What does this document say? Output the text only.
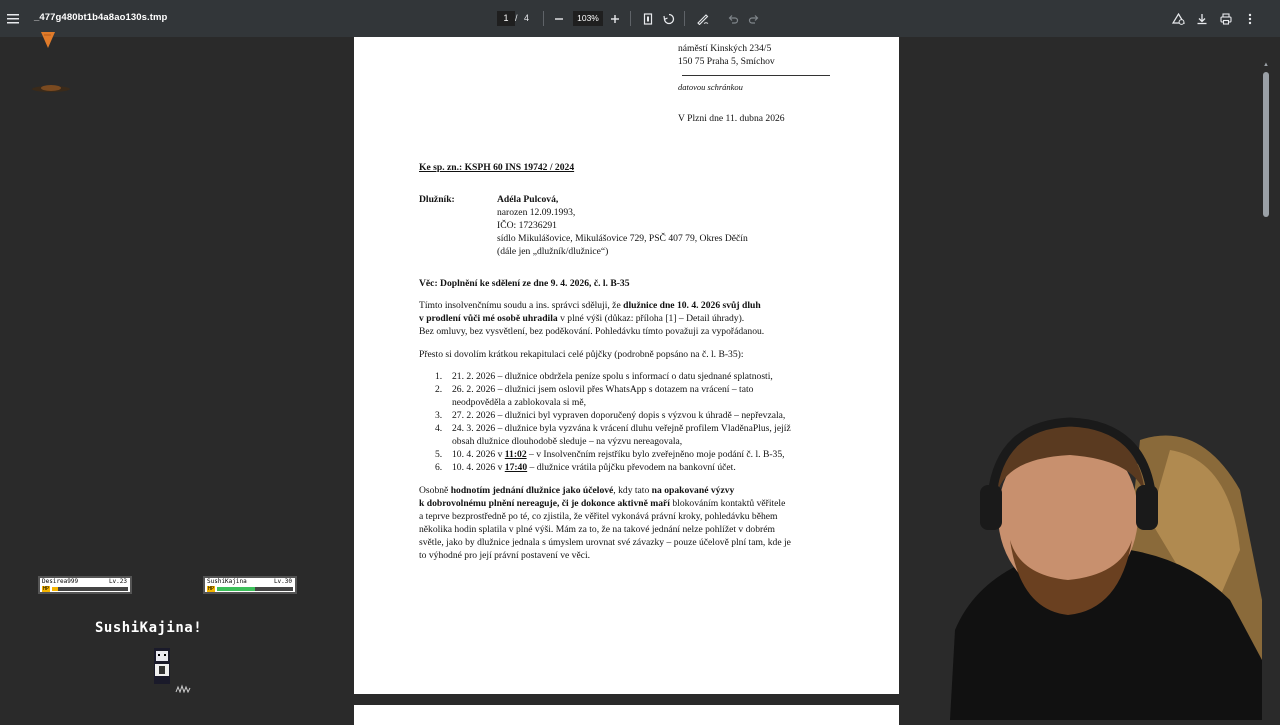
_477g480bt1b4a8ao130s.tmp	1 / 4	103%
▲
náměstí Kinských 234/5
150 75 Praha 5, Smíchov
datovou schránkou
V Plzni dne 11. dubna 2026
Ke sp. zn.: KSPH 60 INS 19742 / 2024
Dlužník:	Adéla Pulcová,
narozen 12.09.1993,
IČO: 17236291
sídlo Mikulášovice, Mikulášovice 729, PSČ 407 79, Okres Děčín
(dále jen „dlužník/dlužnice“)
Věc: Doplnění ke sdělení ze dne 9. 4. 2026, č. l. B-35
Tímto insolvenčnímu soudu a ins. správci sděluji, že dlužnice dne 10. 4. 2026 svůj dluh
v prodlení vůči mé osobě uhradila v plné výši (důkaz: příloha [1] – Detail úhrady).
Bez omluvy, bez vysvětlení, bez poděkování. Pohledávku tímto považuji za vypořádanou.
Přesto si dovolím krátkou rekapitulaci celé půjčky (podrobně popsáno na č. l. B-35):
1. 21. 2. 2026 – dlužnice obdržela peníze spolu s informací o datu sjednané splatnosti,
2. 26. 2. 2026 – dlužnici jsem oslovil přes WhatsApp s dotazem na vrácení – tato
neodpověděla a zablokovala si mě,
3. 27. 2. 2026 – dlužnici byl vypraven doporučený dopis s výzvou k úhradě – nepřevzala,
4. 24. 3. 2026 – dlužnice byla vyzvána k vrácení dluhu veřejně profilem VladěnaPlus, jejíž
obsah dlužnice dlouhodobě sleduje – na výzvu nereagovala,
5. 10. 4. 2026 v 11:02 – v Insolvenčním rejstříku bylo zveřejněno moje podání č. l. B-35,
6. 10. 4. 2026 v 17:40 – dlužnice vrátila půjčku převodem na bankovní účet.
Osobně hodnotím jednání dlužnice jako účelové, kdy tato na opakované výzvy
k dobrovolnému plnění nereaguje, či je dokonce aktivně maří blokováním kontaktů věřitele
a teprve bezprostředně po té, co zjistila, že věřitel vykonává právní kroky, pohledávku během
několika hodin splatila v plné výši. Mám za to, že na takové jednání nelze pohlížet v dobrém
světle, jako by dlužnice jednala s úmyslem urovnat své závazky – pouze účelově plní tam, kde je
to výhodné pro její právní postavení ve věci.
Desirea999	Lv.23
HP
SushiKajina	Lv.30
HP
SushiKajina!
